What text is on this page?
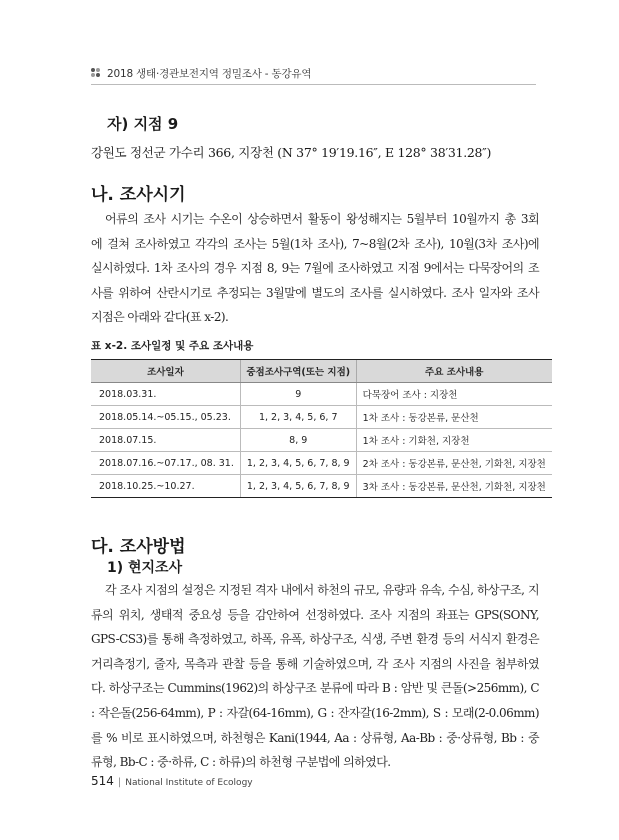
2018 생태·경관보전지역 정밀조사 - 동강유역
자) 지점 9
강원도 정선군 가수리 366, 지장천 (N 37° 19′19.16″, E 128° 38′31.28″)
나. 조사시기
어류의 조사 시기는 수온이 상승하면서 활동이 왕성해지는 5월부터 10월까지 총 3회
에 걸쳐 조사하였고 각각의 조사는 5월(1차 조사), 7~8월(2차 조사), 10월(3차 조사)에
실시하였다. 1차 조사의 경우 지점 8, 9는 7월에 조사하였고 지점 9에서는 다묵장어의 조
사를 위하여 산란시기로 추정되는 3월말에 별도의 조사를 실시하였다. 조사 일자와 조사
지점은 아래와 같다(표 x-2).
표 x-2. 조사일정 및 주요 조사내용
조사일자	중점조사구역(또는 지점)	주요 조사내용
2018.03.31.	9	다묵장어 조사 : 지장천
2018.05.14.~05.15., 05.23.	1, 2, 3, 4, 5, 6, 7	1차 조사 : 동강본류, 문산천
2018.07.15.	8, 9	1차 조사 : 기화천, 지장천
2018.07.16.~07.17., 08. 31.	1, 2, 3, 4, 5, 6, 7, 8, 9	2차 조사 : 동강본류, 문산천, 기화천, 지장천
2018.10.25.~10.27.	1, 2, 3, 4, 5, 6, 7, 8, 9	3차 조사 : 동강본류, 문산천, 기화천, 지장천
다. 조사방법
1) 현지조사
각 조사 지점의 설정은 지정된 격자 내에서 하천의 규모, 유량과 유속, 수심, 하상구조, 지
류의 위치, 생태적 중요성 등을 감안하여 선정하였다. 조사 지점의 좌표는 GPS(SONY,
GPS-CS3)를 통해 측정하였고, 하폭, 유폭, 하상구조, 식생, 주변 환경 등의 서식지 환경은
거리측정기, 줄자, 목측과 관찰 등을 통해 기술하였으며, 각 조사 지점의 사진을 첨부하였
다. 하상구조는 Cummins(1962)의 하상구조 분류에 따라 B : 암반 및 큰돌(>256mm), C
: 작은돌(256-64mm), P : 자갈(64-16mm), G : 잔자갈(16-2mm), S : 모래(2-0.06mm)
를 % 비로 표시하였으며, 하천형은 Kani(1944, Aa : 상류형, Aa-Bb : 중·상류형, Bb : 중
류형, Bb-C : 중·하류, C : 하류)의 하천형 구분법에 의하였다.
514 | National Institute of Ecology
